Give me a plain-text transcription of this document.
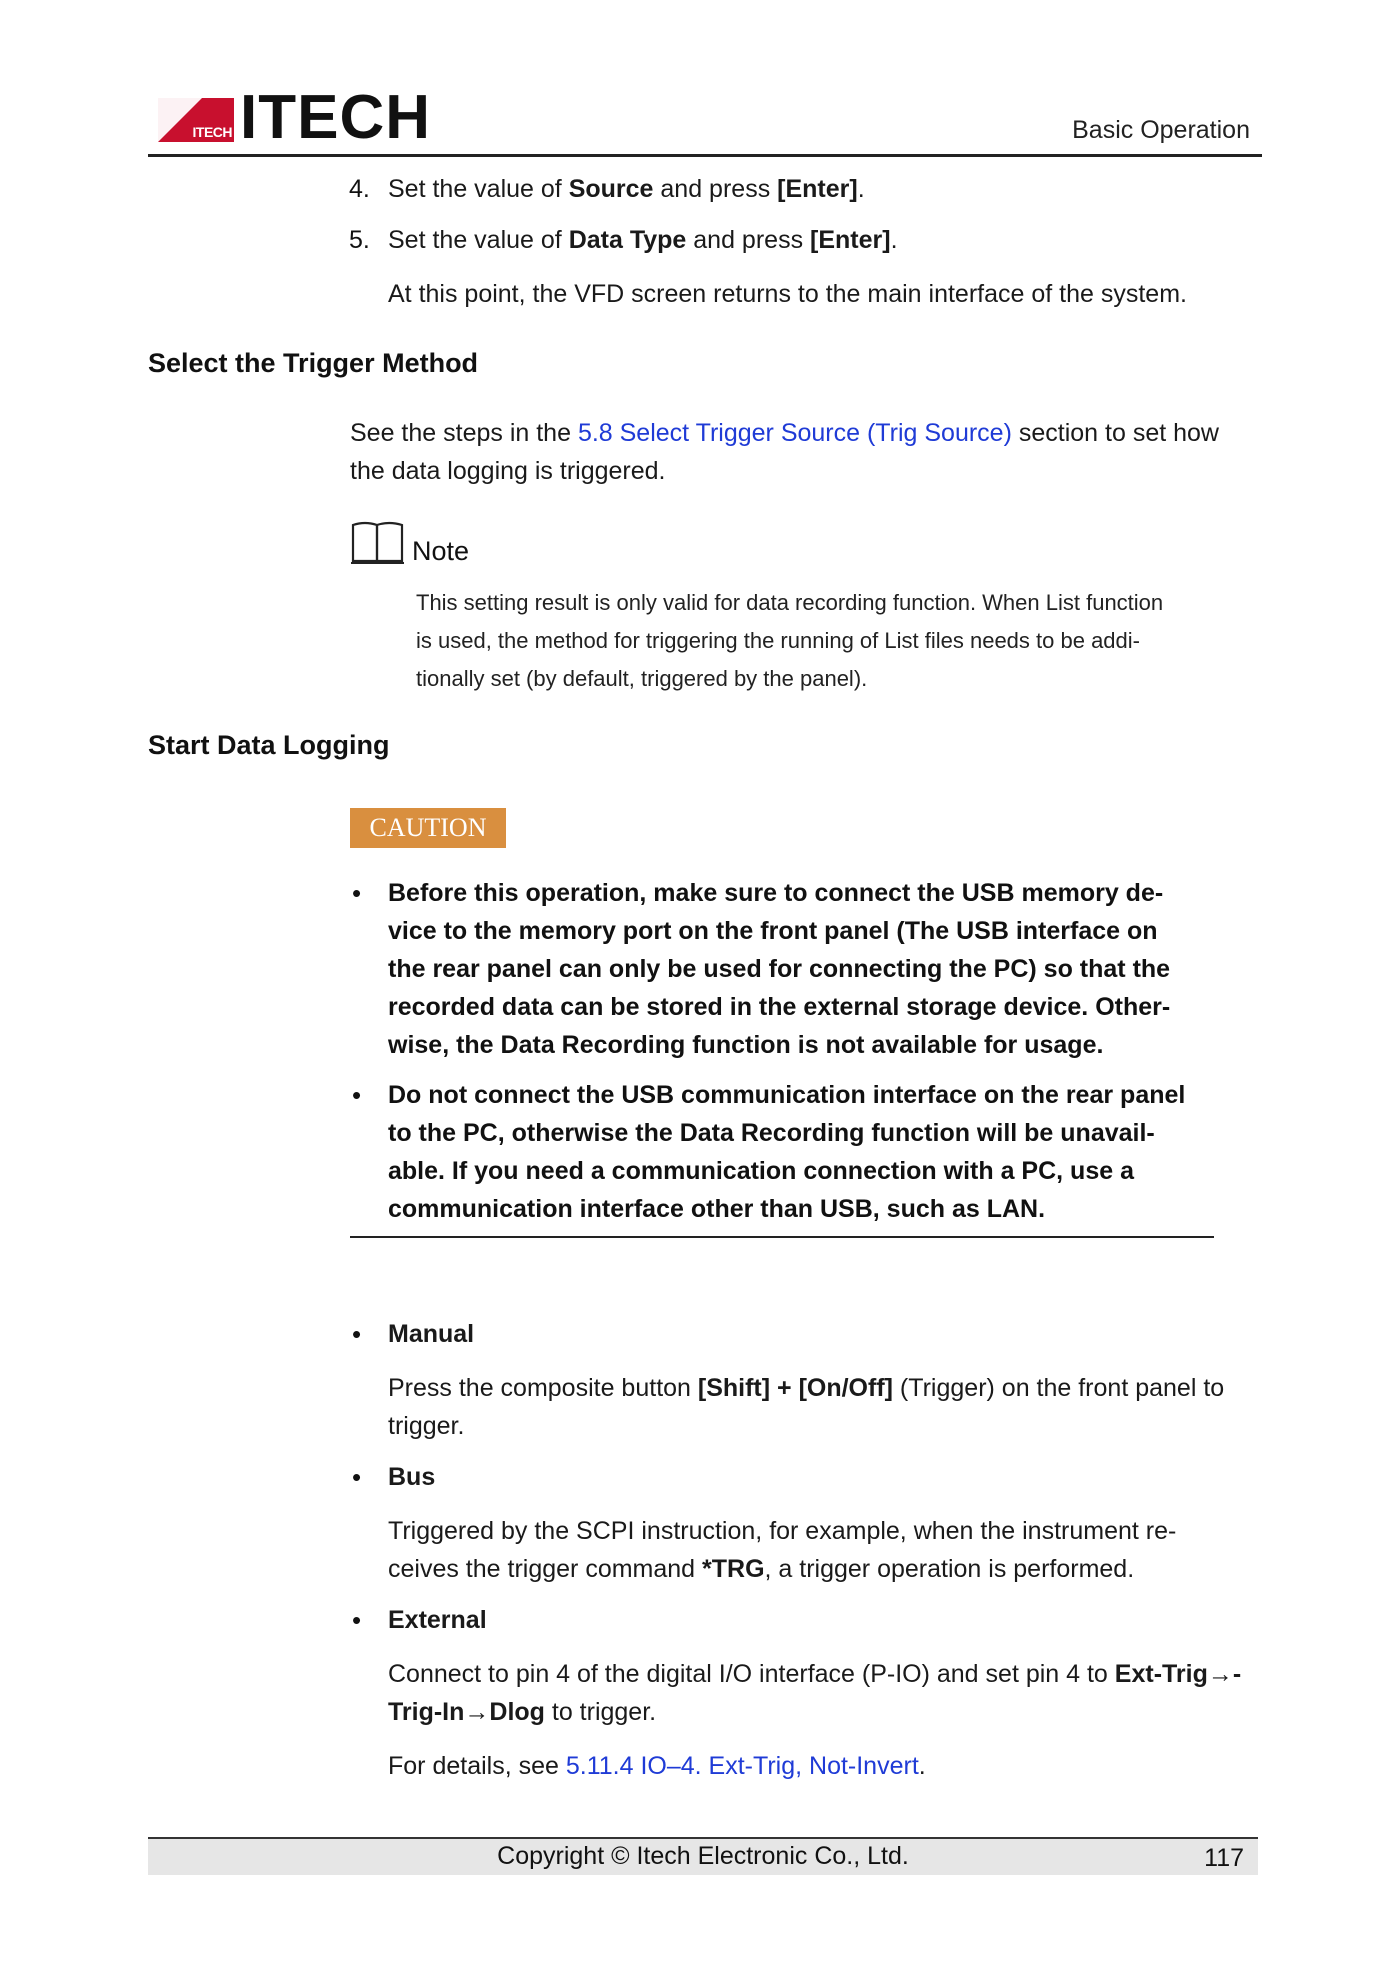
ITECH ITECH	Basic Operation
4. Set the value of Source and press [Enter].
5. Set the value of Data Type and press [Enter].
At this point, the VFD screen returns to the main interface of the system.
Select the Trigger Method
See the steps in the 5.8 Select Trigger Source (Trig Source) section to set how
the data logging is triggered.
Note
This setting result is only valid for data recording function. When List function
is used, the method for triggering the running of List files needs to be addi-
tionally set (by default, triggered by the panel).
Start Data Logging
CAUTION
• Before this operation, make sure to connect the USB memory de-
vice to the memory port on the front panel (The USB interface on
the rear panel can only be used for connecting the PC) so that the
recorded data can be stored in the external storage device. Other-
wise, the Data Recording function is not available for usage.
• Do not connect the USB communication interface on the rear panel
to the PC, otherwise the Data Recording function will be unavail-
able. If you need a communication connection with a PC, use a
communication interface other than USB, such as LAN.
• Manual
Press the composite button [Shift] + [On/Off] (Trigger) on the front panel to
trigger.
• Bus
Triggered by the SCPI instruction, for example, when the instrument re-
ceives the trigger command *TRG, a trigger operation is performed.
• External
Connect to pin 4 of the digital I/O interface (P-IO) and set pin 4 to Ext-Trig→-
Trig-In→Dlog to trigger.
For details, see 5.11.4 IO–4. Ext-Trig, Not-Invert.
Copyright © Itech Electronic Co., Ltd.	117
